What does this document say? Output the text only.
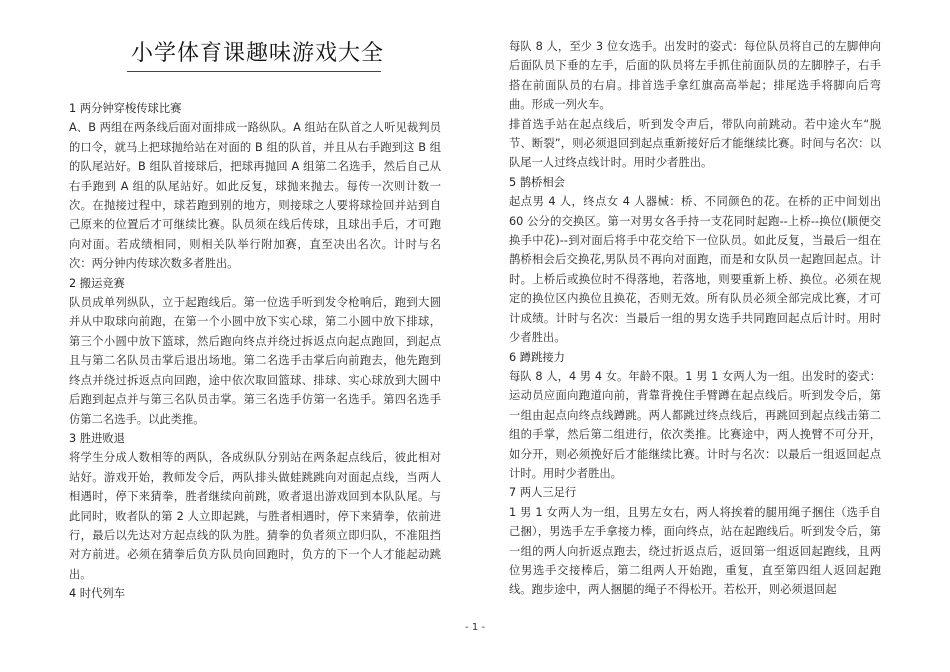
小学体育课趣味游戏大全

1 两分钟穿梭传球比赛

A、B 两组在两条线后面对面排成一路纵队。A 组站在队首之人听见裁判员的口令，就马上把球抛给站在对面的 B 组的队首，并且从右手跑到这 B 组的队尾站好。B 组队首接球后，把球再抛回 A 组第二名选手，然后自己从右手跑到 A 组的队尾站好。如此反复，球抛来抛去。每传一次则计数一次。在抛接过程中，球若跑到别的地方，则接球之人要将球捡回并站到自己原来的位置后才可继续比赛。队员须在线后传球，且球出手后，才可跑向对面。若成绩相同，则相关队举行附加赛，直至决出名次。计时与名次：两分钟内传球次数多者胜出。

2 搬运竞赛

队员成单列纵队，立于起跑线后。第一位选手听到发令枪响后，跑到大圆并从中取球向前跑，在第一个小圆中放下实心球，第二小圆中放下排球，第三个小圆中放下篮球，然后跑向终点并绕过拆返点向起点跑回，到起点且与第二名队员击掌后退出场地。第二名选手击掌后向前跑去，他先跑到终点并绕过拆返点向回跑，途中依次取回篮球、排球、实心球放到大圆中后跑到起点并与第三名队员击掌。第三名选手仿第一名选手。第四名选手仿第二名选手。以此类推。

3 胜进败退

将学生分成人数相等的两队，各成纵队分别站在两条起点线后，彼此相对站好。游戏开始，教师发令后，两队排头做蛙跳跳向对面起点线，当两人相遇时，停下来猜拳，胜者继续向前跳，败者退出游戏回到本队队尾。与此同时，败者队的第 2 人立即起跳，与胜者相遇时，停下来猜拳，依前进行，最后以先达对方起点线的队为胜。猜拳的负者须立即归队，不准阻挡对方前进。必须在猜拳后负方队员向回跑时，负方的下一个人才能起动跳出。

4 时代列车

每队 8 人，至少 3 位女选手。出发时的姿式：每位队员将自己的左脚伸向后面队员下垂的左手，后面的队员将左手抓住前面队员的左脚脖子，右手搭在前面队员的右肩。排首选手拿红旗高高举起；排尾选手将脚向后弯曲。形成一列火车。

排首选手站在起点线后，听到发令声后，带队向前跳动。若中途火车“脱节、断裂”，则必须退回到起点重新接好后才能继续比赛。时间与名次：以队尾一人过终点线计时。用时少者胜出。

5 鹊桥相会

起点男 4 人，终点女 4 人器械：桥、不同颜色的花。在桥的正中间划出 60 公分的交换区。第一对男女各手持一支花同时起跑--上桥--换位(顺便交换手中花)--到对面后将手中花交给下一位队员。如此反复，当最后一组在鹊桥相会后交换花,男队员不再向对面跑，而是和女队员一起跑回起点。计时。上桥后或换位时不得落地，若落地，则要重新上桥、换位。必须在规定的换位区内换位且换花，否则无效。所有队员必须全部完成比赛，才可计成绩。计时与名次：当最后一组的男女选手共同跑回起点后计时。用时少者胜出。

6 蹲跳接力

每队 8 人，4 男 4 女。年龄不限。1 男 1 女两人为一组。出发时的姿式：运动员应面向跑道向前，背靠背挽住手臂蹲在起点线后。听到发令后，第一组由起点向终点线蹲跳。两人都跳过终点线后，再跳回到起点线击第二组的手掌，然后第二组进行，依次类推。比赛途中，两人挽臂不可分开，如分开，则必须挽好后才能继续比赛。计时与名次：以最后一组返回起点计时。用时少者胜出。

7 两人三足行

1 男 1 女两人为一组，且男左女右，两人将挨着的腿用绳子捆住（选手自己捆），男选手左手拿接力棒，面向终点，站在起跑线后。听到发令后，第一组的两人向折返点跑去，绕过折返点后，返回第一组返回起跑线，且两位男选手交接棒后，第二组两人开始跑，重复，直至第四组人返回起跑线。跑步途中，两人捆腿的绳子不得松开。若松开，则必须退回起

- 1 -
